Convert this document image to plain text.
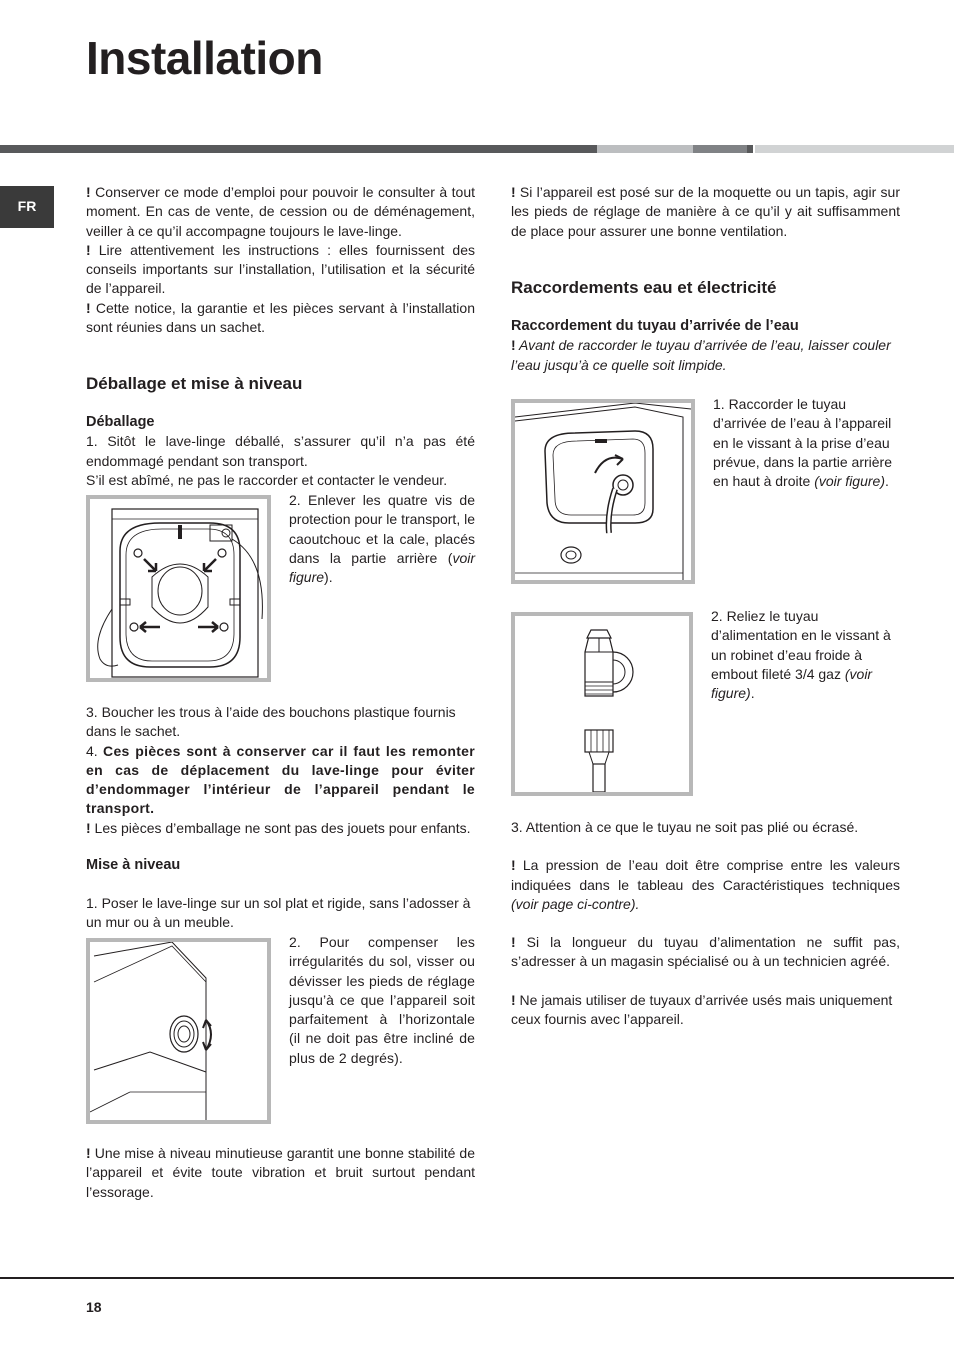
Installation
FR

! Conserver ce mode d’emploi pour pouvoir le consulter à tout moment. En cas de vente, de cession ou de déménagement, veiller à ce qu’il accompagne toujours le lave-linge.

! Lire attentivement les instructions : elles fournissent des conseils importants sur l’installation, l’utilisation et la sécurité de l’appareil.

! Cette notice, la garantie et les pièces servant à l’installation sont réunies dans un sachet.

Déballage et mise à niveau

Déballage

1. Sitôt le lave-linge déballé, s’assurer qu’il n’a pas été endommagé pendant son transport.

S’il est abîmé, ne pas le raccorder et contacter le vendeur.

2. Enlever les quatre vis de protection pour le transport, le caoutchouc et la cale, placés dans la partie arrière (voir figure).

3. Boucher les trous à l’aide des bouchons plastique fournis dans le sachet.

4. Ces pièces sont à conserver car il faut les remonter en cas de déplacement du lave-linge pour éviter d’endommager l’intérieur de l’appareil pendant le transport.

! Les pièces d’emballage ne sont pas des jouets pour enfants.

Mise à niveau

1. Poser le lave-linge sur un sol plat et rigide, sans l’adosser à un mur ou à un meuble.

2. Pour compenser les irrégularités du sol, visser ou dévisser les pieds de réglage jusqu’à ce que l’appareil soit parfaitement à l’horizontale (il ne doit pas être incliné de plus de 2 degrés).

! Une mise à niveau minutieuse garantit une bonne stabilité de l’appareil et évite toute vibration et bruit surtout pendant l’essorage.

! Si l’appareil est posé sur de la moquette ou un tapis, agir sur les pieds de réglage de manière à ce qu’il y ait suffisamment de place pour assurer une bonne ventilation.

Raccordements eau et électricité

Raccordement du tuyau d’arrivée de l’eau

! Avant de raccorder le tuyau d’arrivée de l’eau, laisser couler l’eau jusqu’à ce quelle soit limpide.

1. Raccorder le tuyau d’arrivée de l’eau à l’appareil en le vissant à la prise d’eau prévue, dans la partie arrière en haut à droite (voir figure).

2. Reliez le tuyau d’alimentation en le vissant à un robinet d’eau froide à embout fileté 3/4 gaz (voir figure).

3. Attention à ce que le tuyau ne soit pas plié ou écrasé.

! La pression de l’eau doit être comprise entre les valeurs indiquées dans le tableau des Caractéristiques techniques (voir page ci-contre).

! Si la longueur du tuyau d’alimentation ne suffit pas, s’adresser à un magasin spécialisé ou à un technicien agréé.

! Ne jamais utiliser de tuyaux d’arrivée usés mais uniquement ceux fournis avec l’appareil.

18
